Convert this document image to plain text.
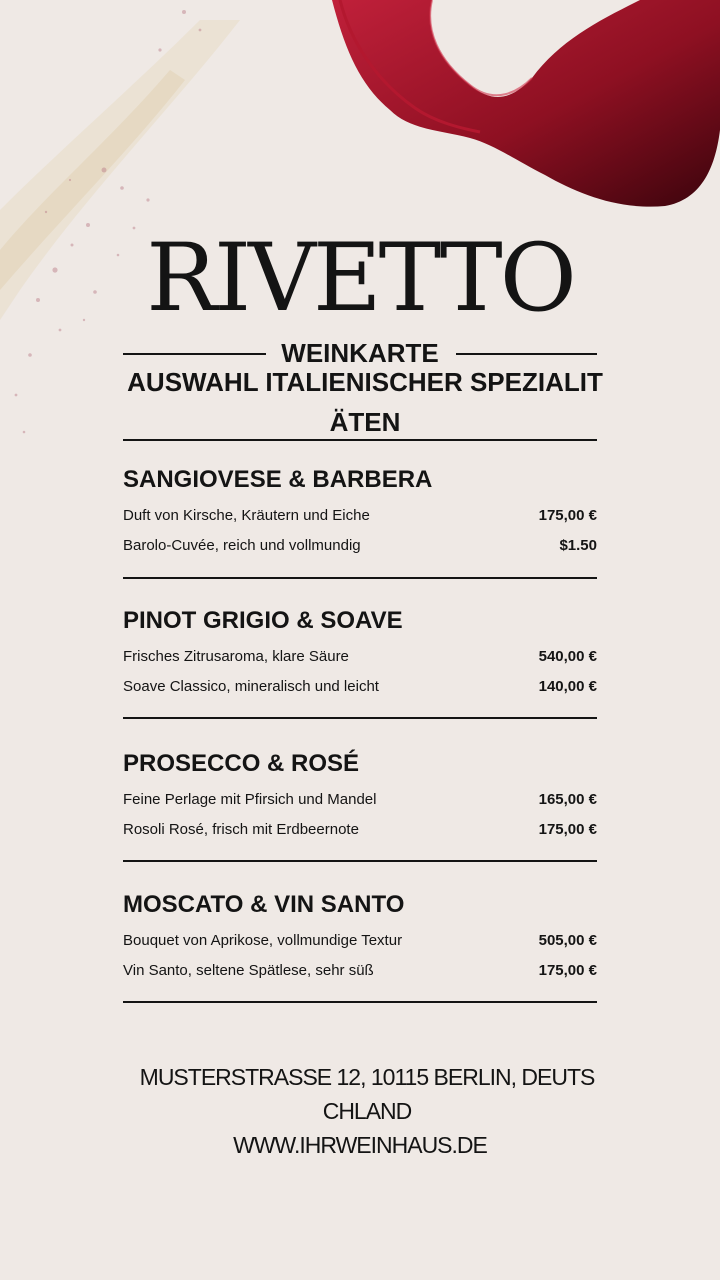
RIVETTO
WEINKARTE
AUSWAHL ITALIENISCHER SPEZIALITÄTEN
SANGIOVESE & BARBERA
Duft von Kirsche, Kräutern und Eiche	175,00 €
Barolo-Cuvée, reich und vollmundig	$1.50
PINOT GRIGIO & SOAVE
Frisches Zitrusaroma, klare Säure	540,00 €
Soave Classico, mineralisch und leicht	140,00 €
PROSECCO & ROSÉ
Feine Perlage mit Pfirsich und Mandel	165,00 €
Rosoli Rosé, frisch mit Erdbeernote	175,00 €
MOSCATO & VIN SANTO
Bouquet von Aprikose, vollmundige Textur	505,00 €
Vin Santo, seltene Spätlese, sehr süß	175,00 €
MUSTERSTRASSE 12, 10115 BERLIN, DEUTSCHLAND
WWW.IHRWEINHAUS.DE
